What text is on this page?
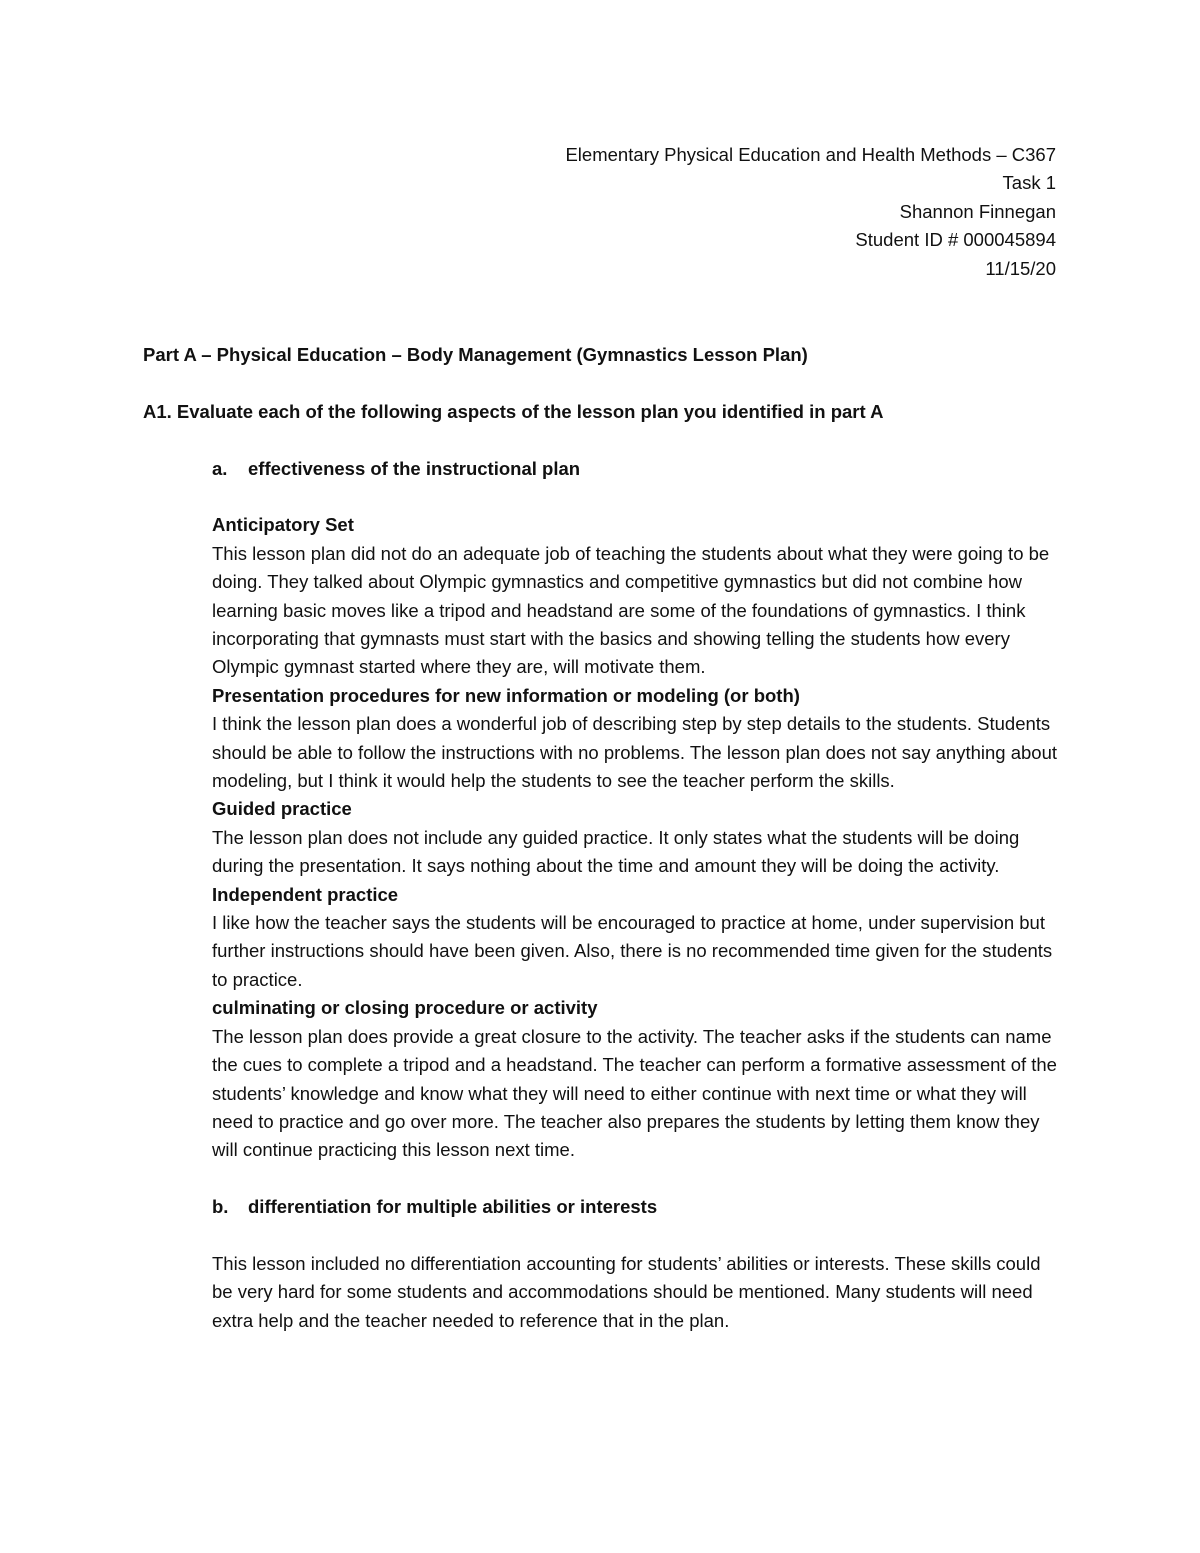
Elementary Physical Education and Health Methods – C367
Task 1
Shannon Finnegan
Student ID # 000045894
11/15/20
Part A – Physical Education – Body Management (Gymnastics Lesson Plan)
A1. Evaluate each of the following aspects of the lesson plan you identified in part A
a.	effectiveness of the instructional plan
Anticipatory Set

This lesson plan did not do an adequate job of teaching the students about what they were going to be doing. They talked about Olympic gymnastics and competitive gymnastics but did not combine how learning basic moves like a tripod and headstand are some of the foundations of gymnastics. I think incorporating that gymnasts must start with the basics and showing telling the students how every Olympic gymnast started where they are, will motivate them.

Presentation procedures for new information or modeling (or both)

I think the lesson plan does a wonderful job of describing step by step details to the students. Students should be able to follow the instructions with no problems. The lesson plan does not say anything about modeling, but I think it would help the students to see the teacher perform the skills.

Guided practice

The lesson plan does not include any guided practice. It only states what the students will be doing during the presentation. It says nothing about the time and amount they will be doing the activity.

Independent practice

I like how the teacher says the students will be encouraged to practice at home, under supervision but further instructions should have been given. Also, there is no recommended time given for the students to practice.

culminating or closing procedure or activity

The lesson plan does provide a great closure to the activity. The teacher asks if the students can name the cues to complete a tripod and a headstand. The teacher can perform a formative assessment of the students’ knowledge and know what they will need to either continue with next time or what they will need to practice and go over more. The teacher also prepares the students by letting them know they will continue practicing this lesson next time.

b.	differentiation for multiple abilities or interests

This lesson included no differentiation accounting for students’ abilities or interests. These skills could be very hard for some students and accommodations should be mentioned. Many students will need extra help and the teacher needed to reference that in the plan.
